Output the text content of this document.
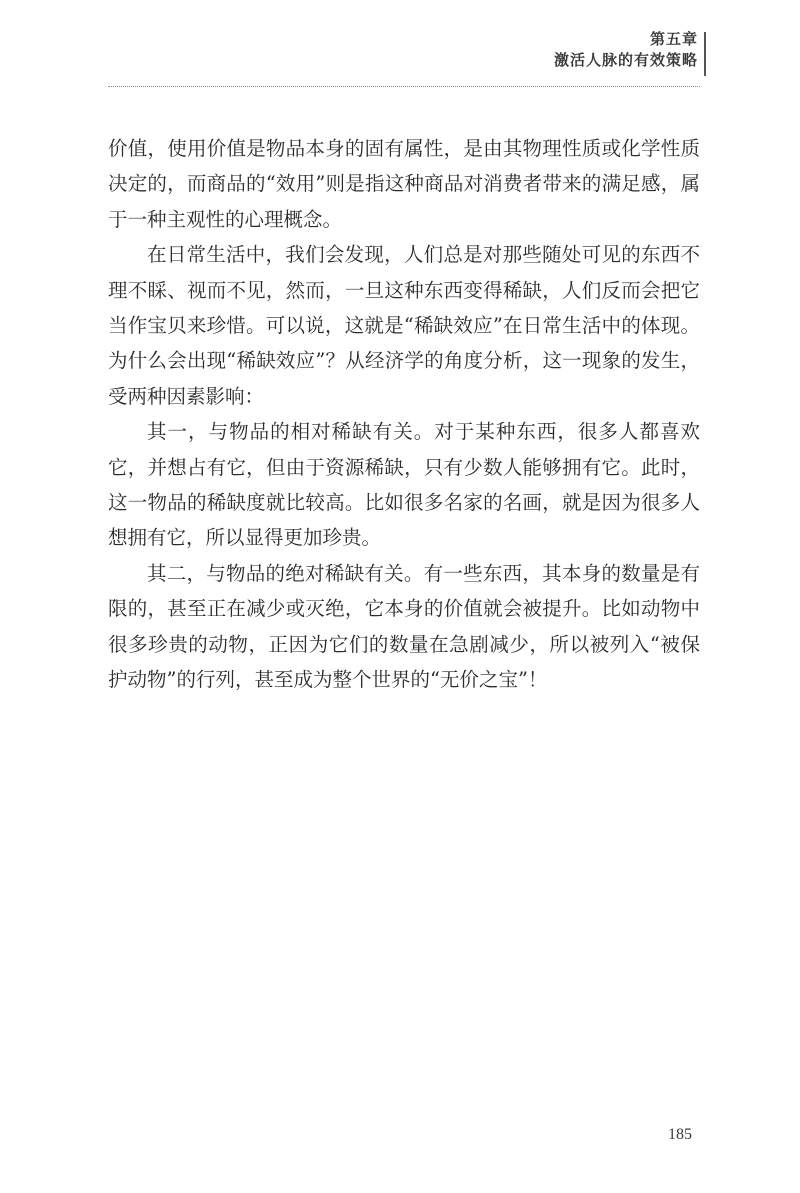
第五章
激活人脉的有效策略

价值，使用价值是物品本身的固有属性，是由其物理性质或化学性质决定的，而商品的“效用”则是指这种商品对消费者带来的满足感，属于一种主观性的心理概念。

在日常生活中，我们会发现，人们总是对那些随处可见的东西不理不睬、视而不见，然而，一旦这种东西变得稀缺，人们反而会把它当作宝贝来珍惜。可以说，这就是“稀缺效应”在日常生活中的体现。为什么会出现“稀缺效应”？从经济学的角度分析，这一现象的发生，受两种因素影响：

其一，与物品的相对稀缺有关。对于某种东西，很多人都喜欢它，并想占有它，但由于资源稀缺，只有少数人能够拥有它。此时，这一物品的稀缺度就比较高。比如很多名家的名画，就是因为很多人想拥有它，所以显得更加珍贵。

其二，与物品的绝对稀缺有关。有一些东西，其本身的数量是有限的，甚至正在减少或灭绝，它本身的价值就会被提升。比如动物中很多珍贵的动物，正因为它们的数量在急剧减少，所以被列入“被保护动物”的行列，甚至成为整个世界的“无价之宝”！

185
